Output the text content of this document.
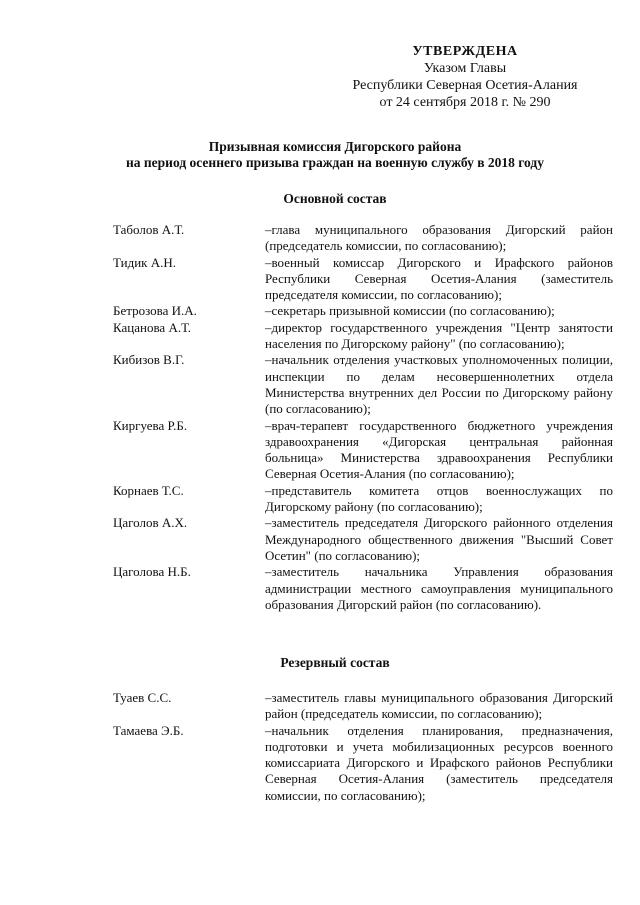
УТВЕРЖДЕНА
Указом Главы
Республики Северная Осетия-Алания
от 24 сентября 2018 г. № 290
Призывная комиссия Дигорского района
на период осеннего призыва граждан на военную службу в 2018 году
Основной состав
Таболов А.Т.	–глава муниципального образования Дигорский район (председатель комиссии, по согласованию);
Тидик А.Н.	–военный комиссар Дигорского и Ирафского районов Республики Северная Осетия-Алания (заместитель председателя комиссии, по согласованию);
Бетрозова И.А.	–секретарь призывной комиссии (по согласованию);
Кацанова А.Т.	–директор государственного учреждения "Центр занятости населения по Дигорскому району" (по согласованию);
Кибизов В.Г.	–начальник отделения участковых уполномоченных полиции, инспекции по делам несовершеннолетних отдела Министерства внутренних дел России по Дигорскому району (по согласованию);
Киргуева Р.Б.	–врач-терапевт государственного бюджетного учреждения здравоохранения «Дигорская центральная районная больница» Министерства здравоохранения Республики Северная Осетия-Алания (по согласованию);
Корнаев Т.С.	–представитель комитета отцов военнослужащих по Дигорскому району (по согласованию);
Цаголов А.Х.	–заместитель председателя Дигорского районного отделения Международного общественного движения "Высший Совет Осетин" (по согласованию);
Цаголова Н.Б.	–заместитель начальника Управления образования администрации местного самоуправления муниципального образования Дигорский район (по согласованию).
Резервный состав
Туаев С.С.	–заместитель главы муниципального образования Дигорский район (председатель комиссии, по согласованию);
Тамаева Э.Б.	–начальник отделения планирования, предназначения, подготовки и учета мобилизационных ресурсов военного комиссариата Дигорского и Ирафского районов Республики Северная Осетия-Алания (заместитель председателя комиссии, по согласованию);
